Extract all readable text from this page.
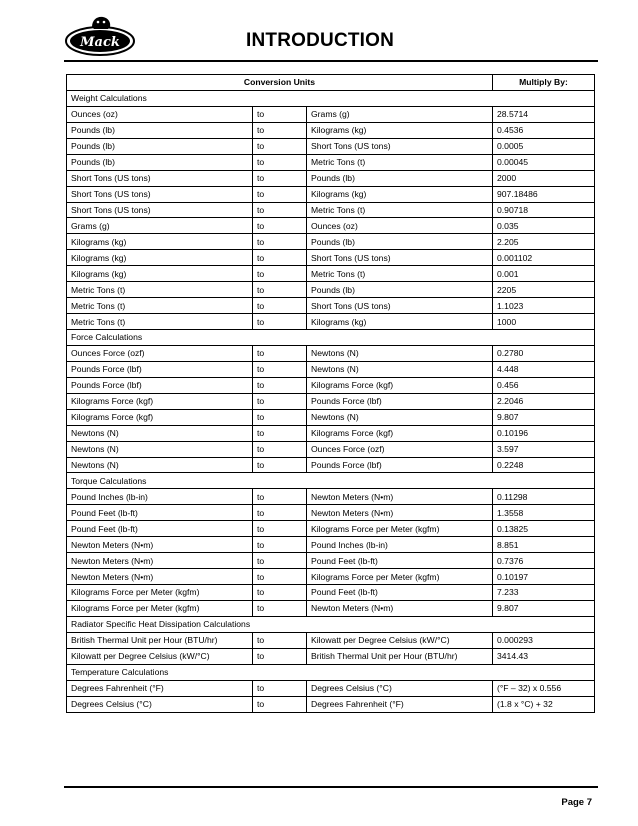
Mack	INTRODUCTION
Conversion Units			Multiply By:
Weight Calculations			
Ounces (oz)	to	Grams (g)	28.5714
Pounds (lb)	to	Kilograms (kg)	0.4536
Pounds (lb)	to	Short Tons (US tons)	0.0005
Pounds (lb)	to	Metric Tons (t)	0.00045
Short Tons (US tons)	to	Pounds (lb)	2000
Short Tons (US tons)	to	Kilograms (kg)	907.18486
Short Tons (US tons)	to	Metric Tons (t)	0.90718
Grams (g)	to	Ounces (oz)	0.035
Kilograms (kg)	to	Pounds (lb)	2.205
Kilograms (kg)	to	Short Tons (US tons)	0.001102
Kilograms (kg)	to	Metric Tons (t)	0.001
Metric Tons (t)	to	Pounds (lb)	2205
Metric Tons (t)	to	Short Tons (US tons)	1.1023
Metric Tons (t)	to	Kilograms (kg)	1000
Force Calculations			
Ounces Force (ozf)	to	Newtons (N)	0.2780
Pounds Force (lbf)	to	Newtons (N)	4.448
Pounds Force (lbf)	to	Kilograms Force (kgf)	0.456
Kilograms Force (kgf)	to	Pounds Force (lbf)	2.2046
Kilograms Force (kgf)	to	Newtons (N)	9.807
Newtons (N)	to	Kilograms Force (kgf)	0.10196
Newtons (N)	to	Ounces Force (ozf)	3.597
Newtons (N)	to	Pounds Force (lbf)	0.2248
Torque Calculations			
Pound Inches (lb-in)	to	Newton Meters (N•m)	0.11298
Pound Feet (lb-ft)	to	Newton Meters (N•m)	1.3558
Pound Feet (lb-ft)	to	Kilograms Force per Meter (kgfm)	0.13825
Newton Meters (N•m)	to	Pound Inches (lb-in)	8.851
Newton Meters (N•m)	to	Pound Feet (lb-ft)	0.7376
Newton Meters (N•m)	to	Kilograms Force per Meter (kgfm)	0.10197
Kilograms Force per Meter (kgfm)	to	Pound Feet (lb-ft)	7.233
Kilograms Force per Meter (kgfm)	to	Newton Meters (N•m)	9.807
Radiator Specific Heat Dissipation Calculations			
British Thermal Unit per Hour (BTU/hr)	to	Kilowatt per Degree Celsius (kW/°C)	0.000293
Kilowatt per Degree Celsius (kW/°C)	to	British Thermal Unit per Hour (BTU/hr)	3414.43
Temperature Calculations			
Degrees Fahrenheit (°F)	to	Degrees Celsius (°C)	(°F – 32) x 0.556
Degrees Celsius (°C)	to	Degrees Fahrenheit (°F)	(1.8 x °C) + 32
Page 7
